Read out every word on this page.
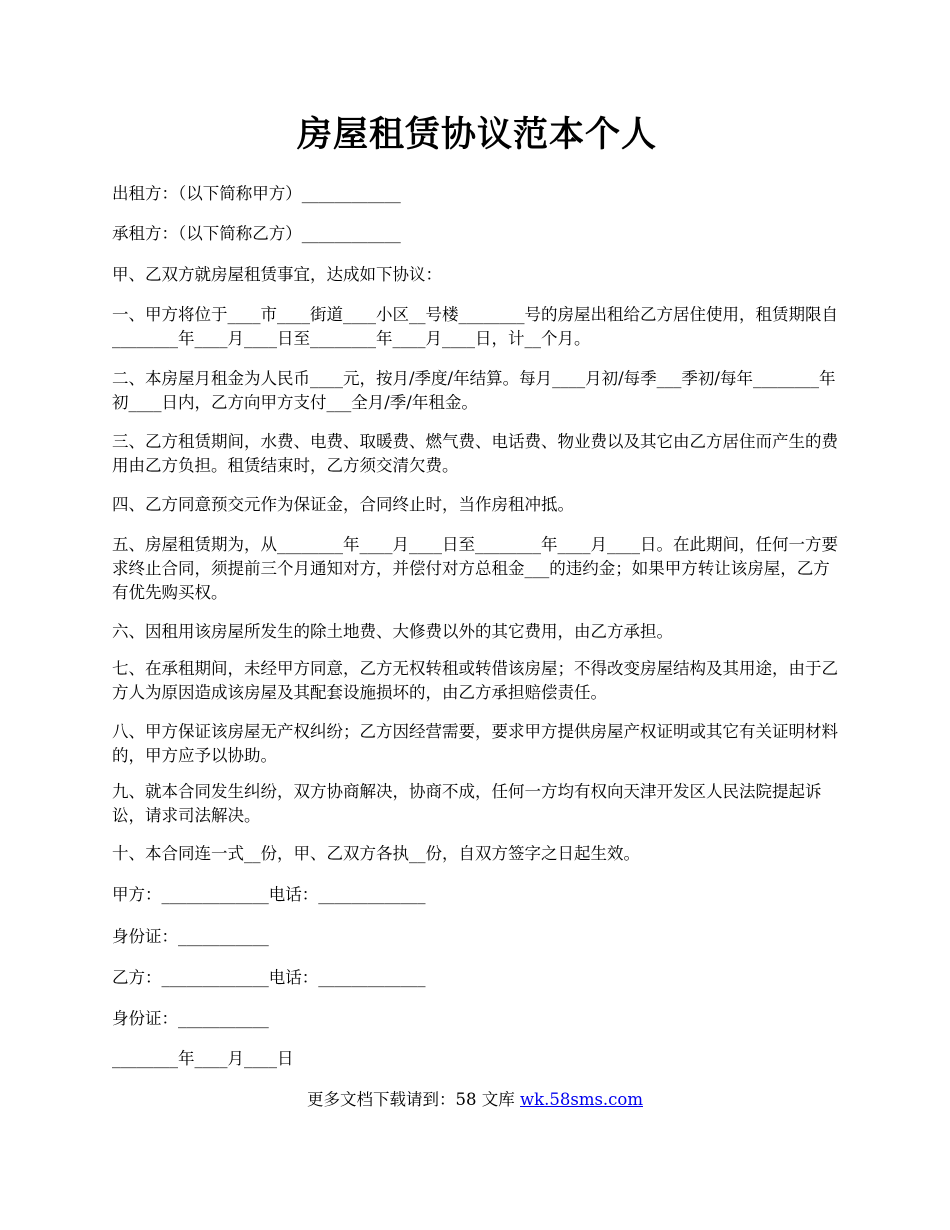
房屋租赁协议范本个人

出租方：（以下简称甲方）____________

承租方：（以下简称乙方）____________

甲、乙双方就房屋租赁事宜，达成如下协议：

一、甲方将位于____市____街道____小区__号楼________号的房屋出租给乙方居住使用，租赁期限自________年____月____日至________年____月____日，计__个月。

二、本房屋月租金为人民币____元，按月/季度/年结算。每月____月初/每季___季初/每年________年初____日内，乙方向甲方支付___全月/季/年租金。

三、乙方租赁期间，水费、电费、取暖费、燃气费、电话费、物业费以及其它由乙方居住而产生的费用由乙方负担。租赁结束时，乙方须交清欠费。

四、乙方同意预交元作为保证金，合同终止时，当作房租冲抵。

五、房屋租赁期为，从________年____月____日至________年____月____日。在此期间，任何一方要求终止合同，须提前三个月通知对方，并偿付对方总租金___的违约金；如果甲方转让该房屋，乙方有优先购买权。

六、因租用该房屋所发生的除土地费、大修费以外的其它费用，由乙方承担。

七、在承租期间，未经甲方同意，乙方无权转租或转借该房屋；不得改变房屋结构及其用途，由于乙方人为原因造成该房屋及其配套设施损坏的，由乙方承担赔偿责任。

八、甲方保证该房屋无产权纠纷；乙方因经营需要，要求甲方提供房屋产权证明或其它有关证明材料的，甲方应予以协助。

九、就本合同发生纠纷，双方协商解决，协商不成，任何一方均有权向天津开发区人民法院提起诉讼，请求司法解决。

十、本合同连一式__份，甲、乙双方各执__份，自双方签字之日起生效。

甲方：_____________电话：_____________

身份证：___________

乙方：_____________电话：_____________

身份证：___________

________年____月____日

更多文档下载请到：58 文库 wk.58sms.com
